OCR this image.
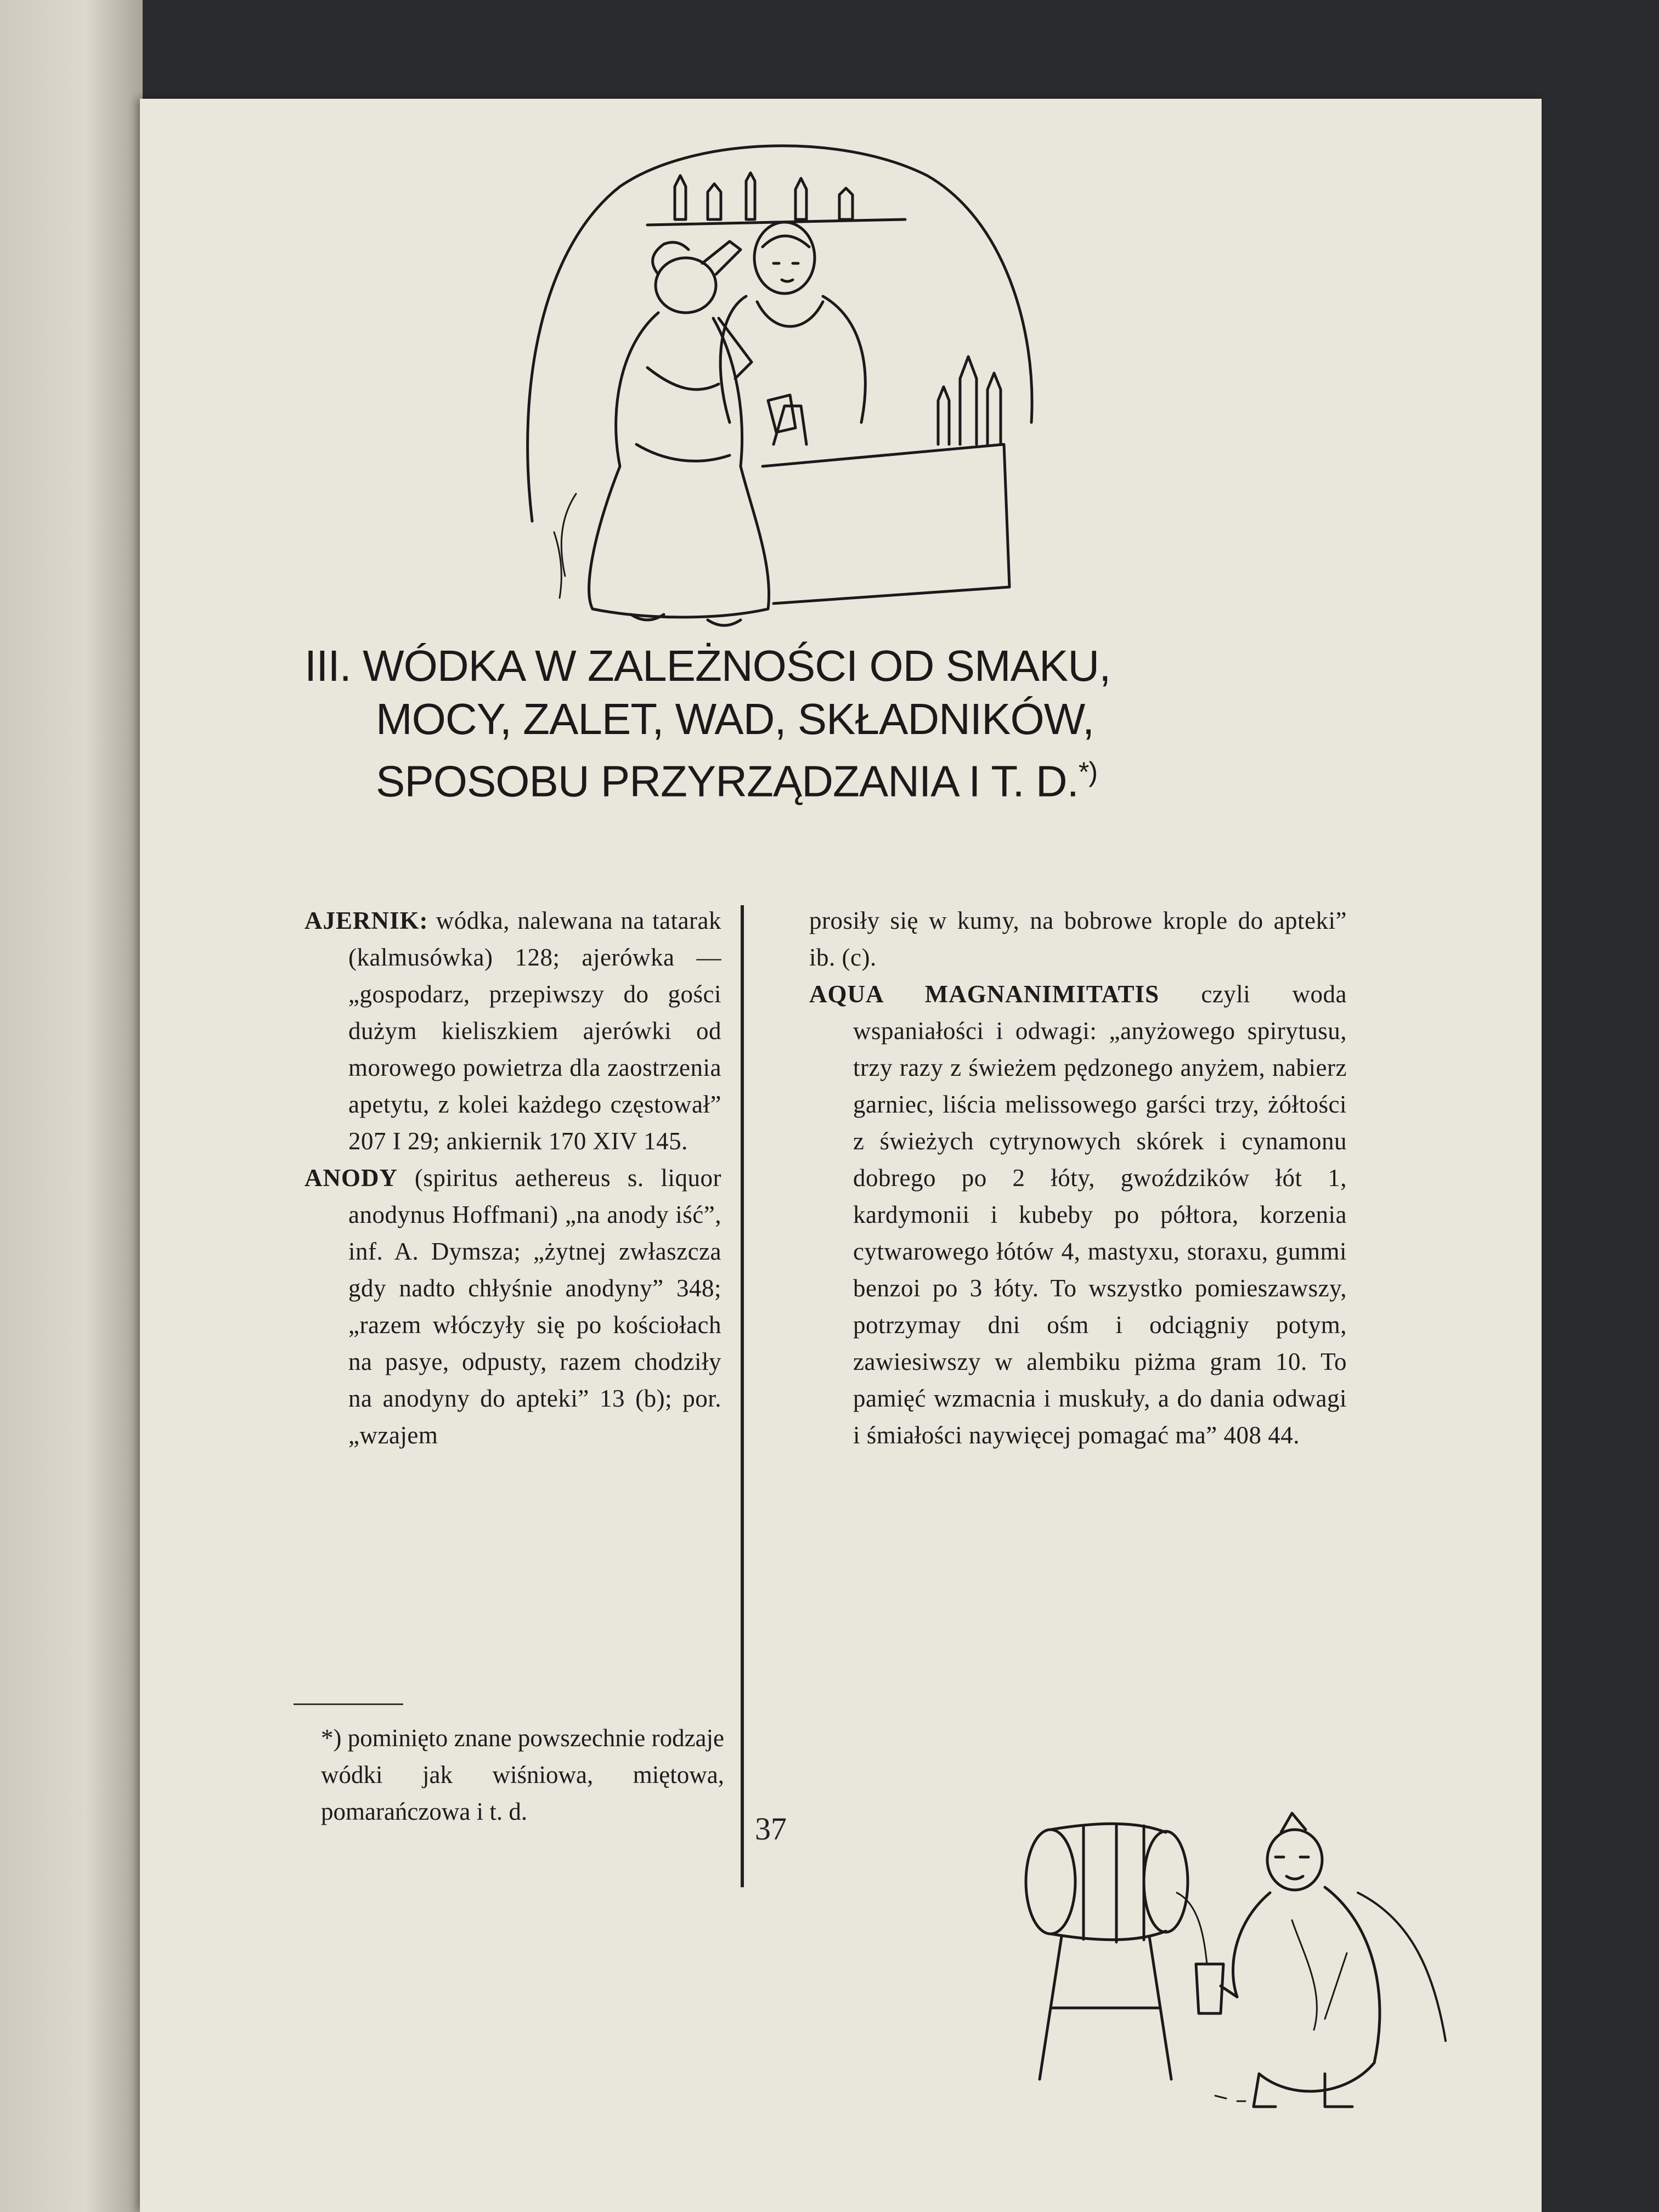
III. WÓDKA W ZALEŻNOŚCI OD SMAKU,
MOCY, ZALET, WAD, SKŁADNIKÓW,
SPOSOBU PRZYRZĄDZANIA I T. D.*)

AJERNIK: wódka, nalewana na tatarak (kalmusówka) 128; ajerówka — „gospodarz, przepiwszy do gości dużym kieliszkiem ajerówki od morowego powietrza dla zaostrzenia apetytu, z kolei każdego częstował” 207 I 29; ankiernik 170 XIV 145.

ANODY (spiritus aethereus s. liquor anodynus Hoffmani) „na anody iść”, inf. A. Dymsza; „żytnej zwłaszcza gdy nadto chłyśnie anodyny” 348; „razem włóczyły się po kościołach na pasye, odpusty, razem chodziły na anodyny do apteki” 13 (b); por. „wzajem

prosiły się w kumy, na bobrowe krople do apteki” ib. (c).

AQUA MAGNANIMITATIS czyli woda wspaniałości i odwagi: „anyżowego spirytusu, trzy razy z świeżem pędzonego anyżem, nabierz garniec, liścia melissowego garści trzy, żółtości z świeżych cytrynowych skórek i cynamonu dobrego po 2 łóty, gwoździków łót 1, kardymonii i kubeby po półtora, korzenia cytwarowego łótów 4, mastyxu, storaxu, gummi benzoi po 3 łóty. To wszystko pomieszawszy, potrzymay dni ośm i odciągniy potym, zawiesiwszy w alembiku piżma gram 10. To pamięć wzmacnia i muskuły, a do dania odwagi i śmiałości naywięcej pomagać ma” 408 44.

*) pominięto znane powszechnie rodzaje wódki jak wiśniowa, miętowa, pomarańczowa i t. d.	37
